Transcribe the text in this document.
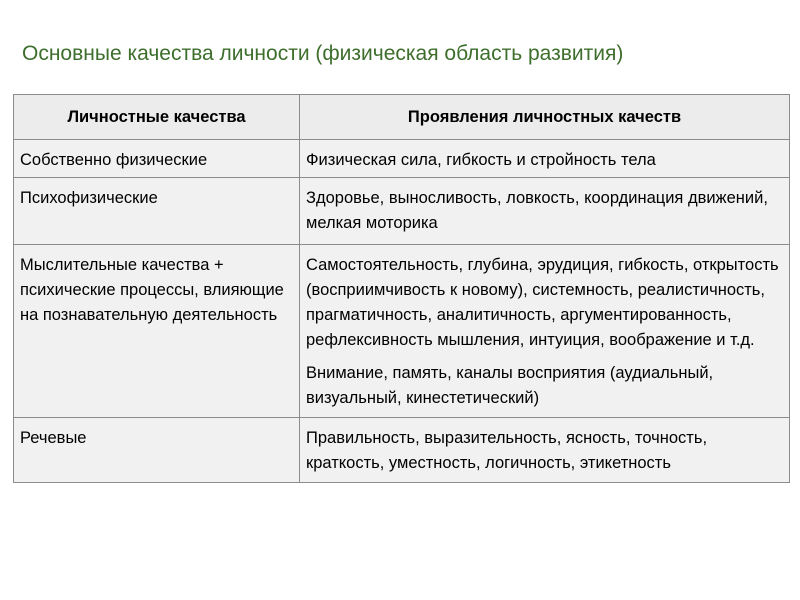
Основные качества личности (физическая область развития)
Личностные качества	Проявления личностных качеств
Собственно физические	Физическая сила, гибкость и стройность тела

Психофизические	Здоровье, выносливость, ловкость, координация движений, мелкая моторика

Мыслительные качества + психические процессы, влияющие на познавательную деятельность	Самостоятельность, глубина, эрудиция, гибкость, открытость (восприимчивость к новому), системность, реалистичность, прагматичность, аналитичность, аргументированность, рефлексивность мышления, интуиция, воображение и т.д.
Внимание, память, каналы восприятия (аудиальный, визуальный, кинестетический)

Речевые	Правильность, выразительность, ясность, точность, краткость, уместность, логичность, этикетность
